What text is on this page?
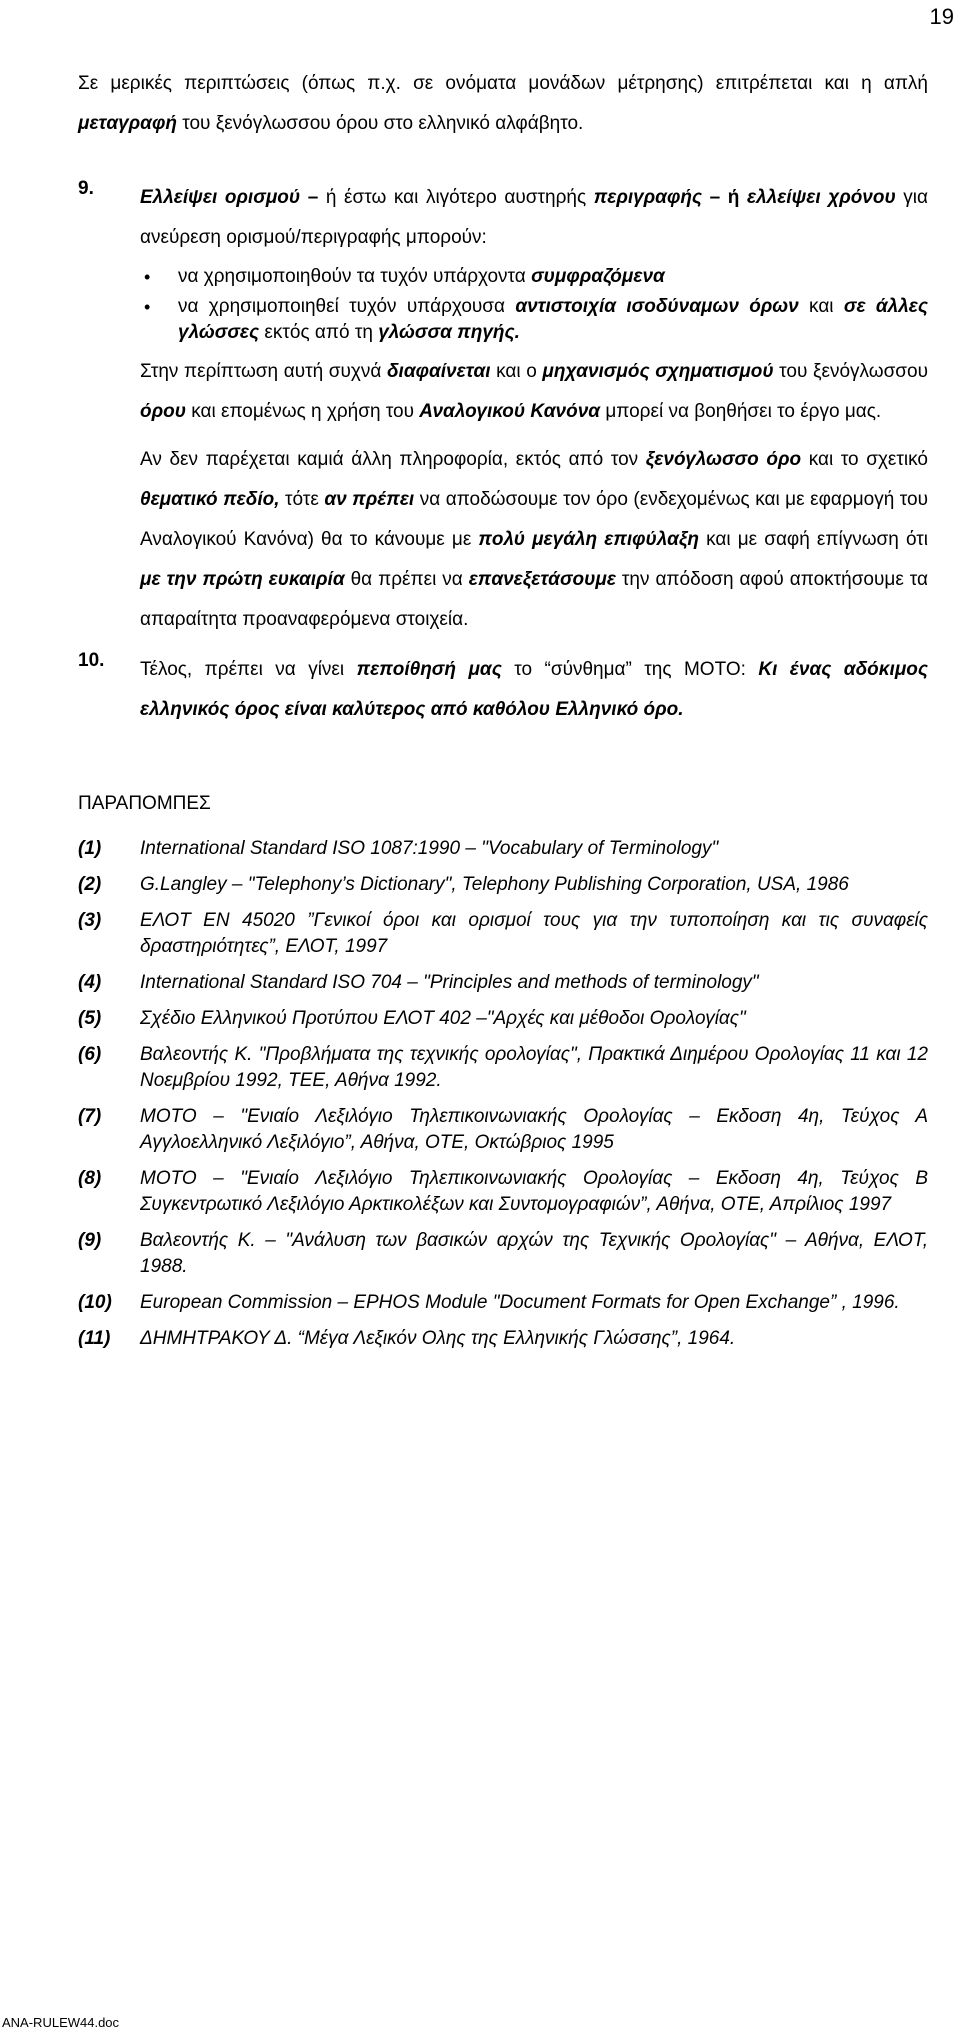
19

Σε μερικές περιπτώσεις (όπως π.χ. σε ονόματα μονάδων μέτρησης) επιτρέπεται και η απλή μεταγραφή του ξενόγλωσσου όρου στο ελληνικό αλφάβητο.

9.	Ελλείψει ορισμού – ή έστω και λιγότερο αυστηρής περιγραφής – ή ελλείψει χρόνου για ανεύρεση ορισμού/περιγραφής μπορούν:
• να χρησιμοποιηθούν τα τυχόν υπάρχοντα συμφραζόμενα
• να χρησιμοποιηθεί τυχόν υπάρχουσα αντιστοιχία ισοδύναμων όρων και σε άλλες γλώσσες εκτός από τη γλώσσα πηγής.

Στην περίπτωση αυτή συχνά διαφαίνεται και ο μηχανισμός σχηματισμού του ξενόγλωσσου όρου και επομένως η χρήση του Αναλογικού Κανόνα μπορεί να βοηθήσει το έργο μας.

Αν δεν παρέχεται καμιά άλλη πληροφορία, εκτός από τον ξενόγλωσσο όρο και το σχετικό θεματικό πεδίο, τότε αν πρέπει να αποδώσουμε τον όρο (ενδεχομένως και με εφαρμογή του Αναλογικού Κανόνα) θα το κάνουμε με πολύ μεγάλη επιφύλαξη και με σαφή επίγνωση ότι με την πρώτη ευκαιρία θα πρέπει να επανεξετάσουμε την απόδοση αφού αποκτήσουμε τα απαραίτητα προαναφερόμενα στοιχεία.

10.	Τέλος, πρέπει να γίνει πεποίθησή μας το “σύνθημα” της ΜΟΤΟ: Κι ένας αδόκιμος ελληνικός όρος είναι καλύτερος από καθόλου Ελληνικό όρο.
ΠΑΡΑΠΟΜΠΕΣ
(1)	International Standard ISO 1087:1990 – "Vocabulary of Terminology"
(2)	G.Langley – "Telephony’s Dictionary", Telephony Publishing Corporation, USA, 1986
(3)	ΕΛΟΤ ΕΝ 45020 ”Γενικοί όροι και ορισμοί τους για την τυποποίηση και τις συναφείς δραστηριότητες”, ΕΛΟΤ, 1997
(4)	International Standard ISO 704 – "Principles and methods of terminology"
(5)	Σχέδιο Ελληνικού Προτύπου ΕΛΟΤ 402 –"Αρχές και μέθοδοι Ορολογίας"
(6)	Βαλεοντής Κ. "Προβλήματα της τεχνικής ορολογίας", Πρακτικά Διημέρου Ορολογίας 11 και 12 Νοεμβρίου 1992, ΤΕΕ, Αθήνα 1992.
(7)	ΜΟΤΟ – "Ενιαίο Λεξιλόγιο Τηλεπικοινωνιακής Ορολογίας – Εκδοση 4η, Τεύχος Α Αγγλοελληνικό Λεξιλόγιο”, Αθήνα, ΟΤΕ, Οκτώβριος 1995
(8)	ΜΟΤΟ – "Ενιαίο Λεξιλόγιο Τηλεπικοινωνιακής Ορολογίας – Εκδοση 4η, Τεύχος Β Συγκεντρωτικό Λεξιλόγιο Αρκτικολέξων και Συντομογραφιών”, Αθήνα, ΟΤΕ, Απρίλιος 1997
(9)	Βαλεοντής Κ. – "Ανάλυση των βασικών αρχών της Τεχνικής Ορολογίας" – Αθήνα, ΕΛΟΤ, 1988.
(10)	European Commission – EPHOS Module "Document Formats for Open Exchange” , 1996.
(11)	ΔΗΜΗΤΡΑΚΟΥ Δ. “Μέγα Λεξικόν Ολης της Ελληνικής Γλώσσης”, 1964.
ANA-RULEW44.doc
